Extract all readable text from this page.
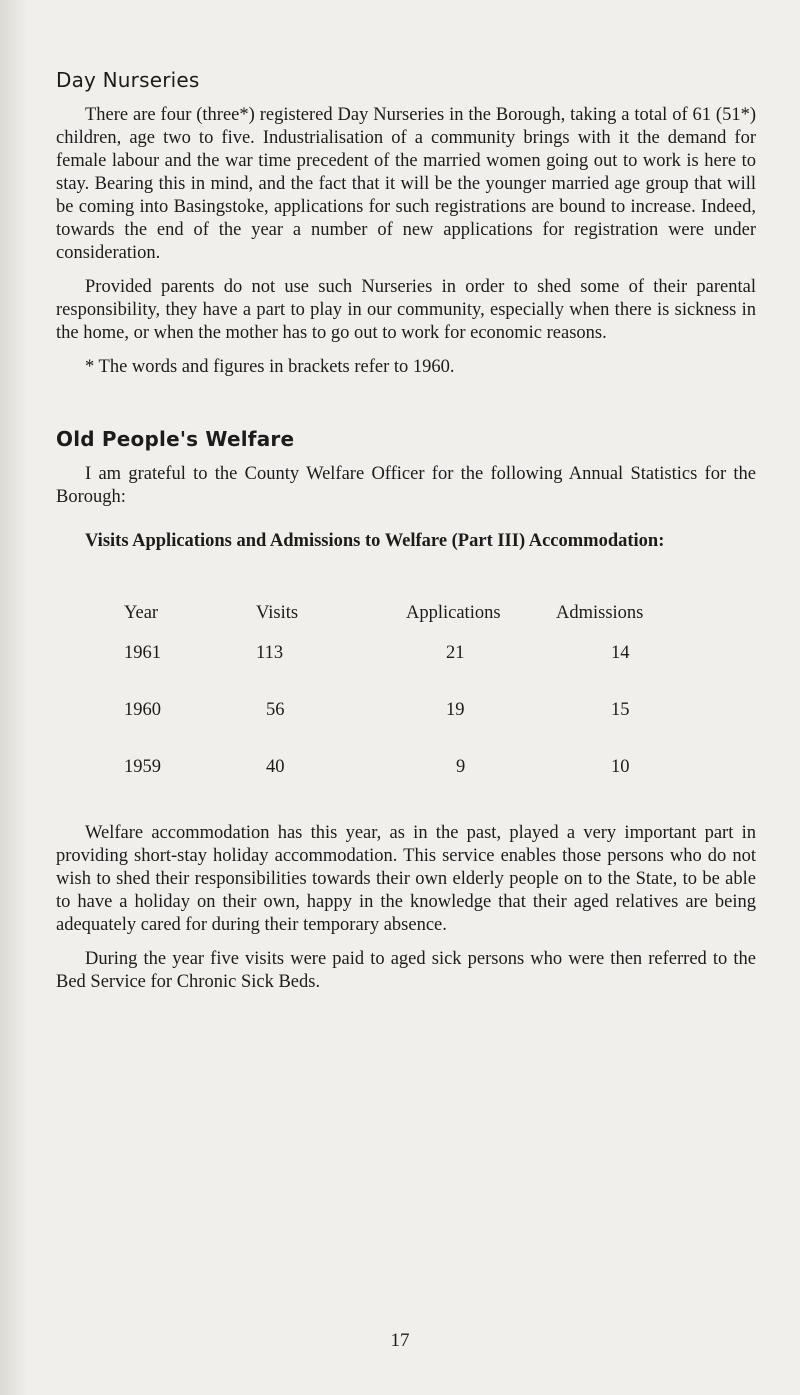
Day Nurseries

There are four (three*) registered Day Nurseries in the Borough, taking a total of 61 (51*) children, age two to five. Industrialisation of a community brings with it the demand for female labour and the war time precedent of the married women going out to work is here to stay. Bearing this in mind, and the fact that it will be the younger married age group that will be coming into Basingstoke, applications for such registrations are bound to increase. Indeed, towards the end of the year a number of new applications for registration were under consideration.

Provided parents do not use such Nurseries in order to shed some of their parental responsibility, they have a part to play in our community, especially when there is sickness in the home, or when the mother has to go out to work for economic reasons.

* The words and figures in brackets refer to 1960.

Old People's Welfare

I am grateful to the County Welfare Officer for the following Annual Statistics for the Borough:

Visits Applications and Admissions to Welfare (Part III) Accommodation:

Year	Visits	Applications	Admissions
1961	113	21	14
1960	56	19	15
1959	40	9	10

Welfare accommodation has this year, as in the past, played a very important part in providing short-stay holiday accommodation. This service enables those persons who do not wish to shed their responsibilities towards their own elderly people on to the State, to be able to have a holiday on their own, happy in the knowledge that their aged relatives are being adequately cared for during their temporary absence.

During the year five visits were paid to aged sick persons who were then referred to the Bed Service for Chronic Sick Beds.

17
